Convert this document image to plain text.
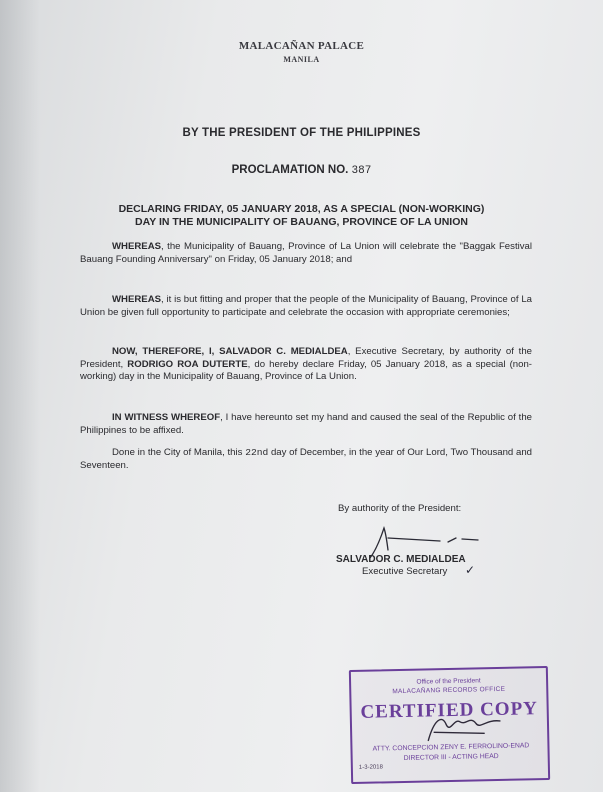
MALACAÑAN PALACE
MANILA
BY THE PRESIDENT OF THE PHILIPPINES
PROCLAMATION NO. 387
DECLARING FRIDAY, 05 JANUARY 2018, AS A SPECIAL (NON-WORKING)
DAY IN THE MUNICIPALITY OF BAUANG, PROVINCE OF LA UNION
WHEREAS, the Municipality of Bauang, Province of La Union will celebrate the "Baggak Festival Bauang Founding Anniversary" on Friday, 05 January 2018; and
WHEREAS, it is but fitting and proper that the people of the Municipality of Bauang, Province of La Union be given full opportunity to participate and celebrate the occasion with appropriate ceremonies;
NOW, THEREFORE, I, SALVADOR C. MEDIALDEA, Executive Secretary, by authority of the President, RODRIGO ROA DUTERTE, do hereby declare Friday, 05 January 2018, as a special (non-working) day in the Municipality of Bauang, Province of La Union.
IN WITNESS WHEREOF, I have hereunto set my hand and caused the seal of the Republic of the Philippines to be affixed.
Done in the City of Manila, this 22nd day of December, in the year of Our Lord, Two Thousand and Seventeen.
By authority of the President:
SALVADOR C. MEDIALDEA
Executive Secretary ✓
Office of the President
MALACAÑANG RECORDS OFFICE
CERTIFIED COPY
ATTY. CONCEPCION ZENY E. FERROLINO-ENAD
DIRECTOR III - ACTING HEAD
1-3-2018
